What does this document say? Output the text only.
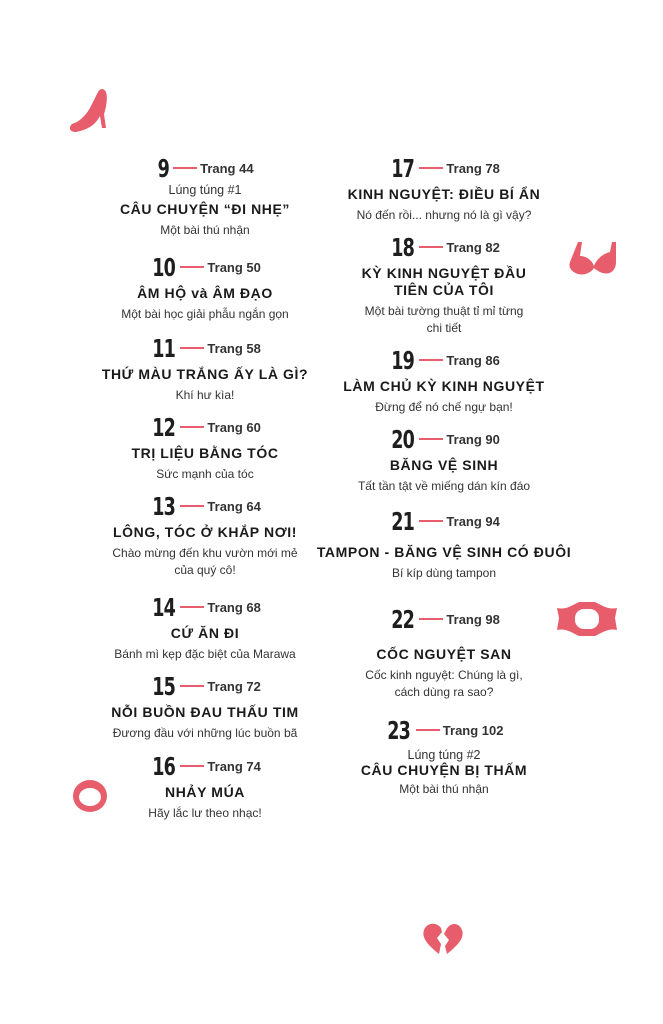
9 Trang 44
Lúng túng #1
CÂU CHUYỆN “ĐI NHẸ”
Một bài thú nhận
10 Trang 50
ÂM HỘ và ÂM ĐẠO
Một bài học giải phẫu ngắn gọn
11 Trang 58
THỨ MÀU TRẮNG ẤY LÀ GÌ?
Khí hư kìa!
12 Trang 60
TRỊ LIỆU BẰNG TÓC
Sức mạnh của tóc
13 Trang 64
LÔNG, TÓC Ở KHẮP NƠI!
Chào mừng đến khu vườn mới mẻ của quý cô!
14 Trang 68
CỨ ĂN ĐI
Bánh mì kẹp đặc biệt của Marawa
15 Trang 72
NỖI BUỒN ĐAU THẤU TIM
Đương đầu với những lúc buồn bã
16 Trang 74
NHẢY MÚA
Hãy lắc lư theo nhạc!
17 Trang 78
KINH NGUYỆT: ĐIỀU BÍ ẨN
Nó đến rồi... nhưng nó là gì vậy?
18 Trang 82
KỲ KINH NGUYỆT ĐẦU TIÊN CỦA TÔI
Một bài tường thuật tỉ mỉ từng chi tiết
19 Trang 86
LÀM CHỦ KỲ KINH NGUYỆT
Đừng để nó chế ngự bạn!
20 Trang 90
BĂNG VỆ SINH
Tất tần tật về miếng dán kín đáo
21 Trang 94
TAMPON - BĂNG VỆ SINH CÓ ĐUÔI
Bí kíp dùng tampon
22 Trang 98
CỐC NGUYỆT SAN
Cốc kinh nguyệt: Chúng là gì, cách dùng ra sao?
23 Trang 102
Lúng túng #2
CÂU CHUYỆN BỊ THẤM
Một bài thú nhận
